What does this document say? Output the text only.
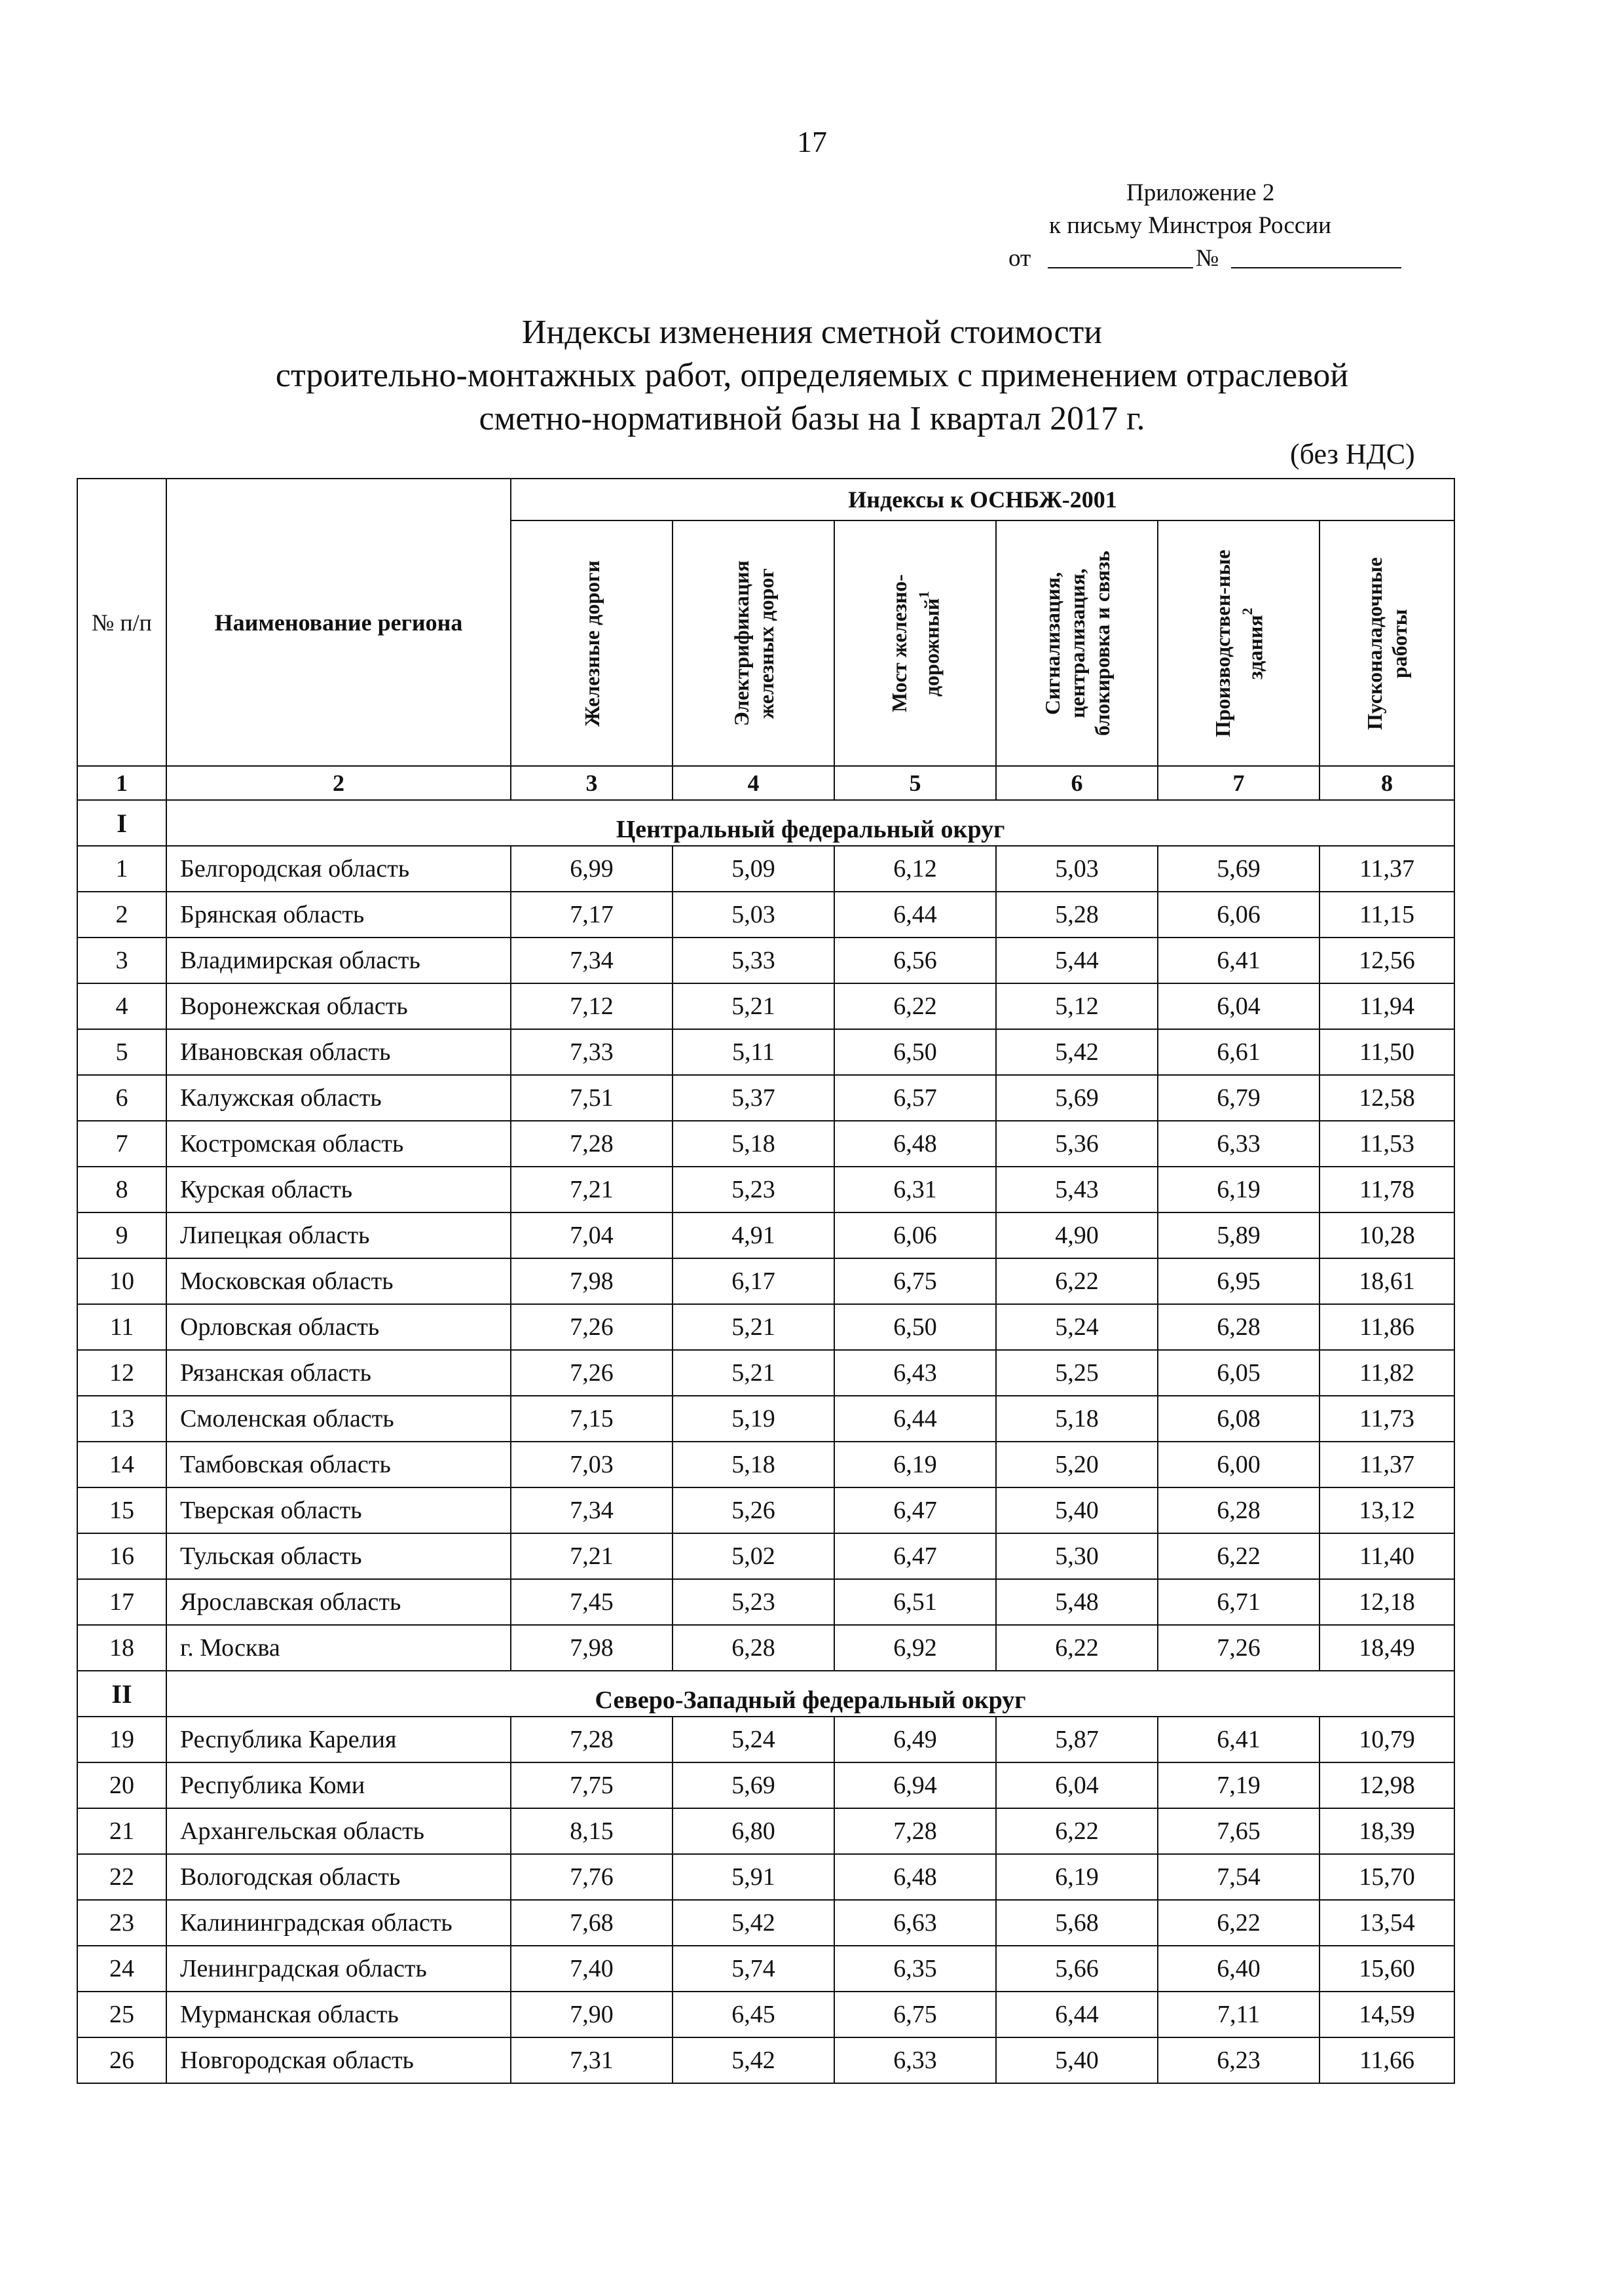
17
Приложение 2
к письму Минстроя России
от	№
Индексы изменения сметной стоимости
строительно-монтажных работ, определяемых с применением отраслевой
сметно-нормативной базы на I квартал 2017 г.
(без НДС)
№ п/п	Наименование региона	Индексы к ОСНБЖ-2001					

		Железные дороги	Электрификация железных дорог	Мост железно-дорожный$^1$	Сигнализация, централизация, блокировка и связь	Производствен-ные здания$^2$	Пусконаладочные работы

1	2	3	4	5	6	7	8
I	Центральный федеральный округ						
1	Белгородская область	6,99	5,09	6,12	5,03	5,69	11,37
2	Брянская область	7,17	5,03	6,44	5,28	6,06	11,15
3	Владимирская область	7,34	5,33	6,56	5,44	6,41	12,56
4	Воронежская область	7,12	5,21	6,22	5,12	6,04	11,94
5	Ивановская область	7,33	5,11	6,50	5,42	6,61	11,50
6	Калужская область	7,51	5,37	6,57	5,69	6,79	12,58
7	Костромская область	7,28	5,18	6,48	5,36	6,33	11,53
8	Курская область	7,21	5,23	6,31	5,43	6,19	11,78
9	Липецкая область	7,04	4,91	6,06	4,90	5,89	10,28
10	Московская область	7,98	6,17	6,75	6,22	6,95	18,61
11	Орловская область	7,26	5,21	6,50	5,24	6,28	11,86
12	Рязанская область	7,26	5,21	6,43	5,25	6,05	11,82
13	Смоленская область	7,15	5,19	6,44	5,18	6,08	11,73
14	Тамбовская область	7,03	5,18	6,19	5,20	6,00	11,37
15	Тверская область	7,34	5,26	6,47	5,40	6,28	13,12
16	Тульская область	7,21	5,02	6,47	5,30	6,22	11,40
17	Ярославская область	7,45	5,23	6,51	5,48	6,71	12,18
18	г. Москва	7,98	6,28	6,92	6,22	7,26	18,49
II	Северо-Западный федеральный округ						
19	Республика Карелия	7,28	5,24	6,49	5,87	6,41	10,79
20	Республика Коми	7,75	5,69	6,94	6,04	7,19	12,98
21	Архангельская область	8,15	6,80	7,28	6,22	7,65	18,39
22	Вологодская область	7,76	5,91	6,48	6,19	7,54	15,70
23	Калининградская область	7,68	5,42	6,63	5,68	6,22	13,54
24	Ленинградская область	7,40	5,74	6,35	5,66	6,40	15,60
25	Мурманская область	7,90	6,45	6,75	6,44	7,11	14,59
26	Новгородская область	7,31	5,42	6,33	5,40	6,23	11,66
